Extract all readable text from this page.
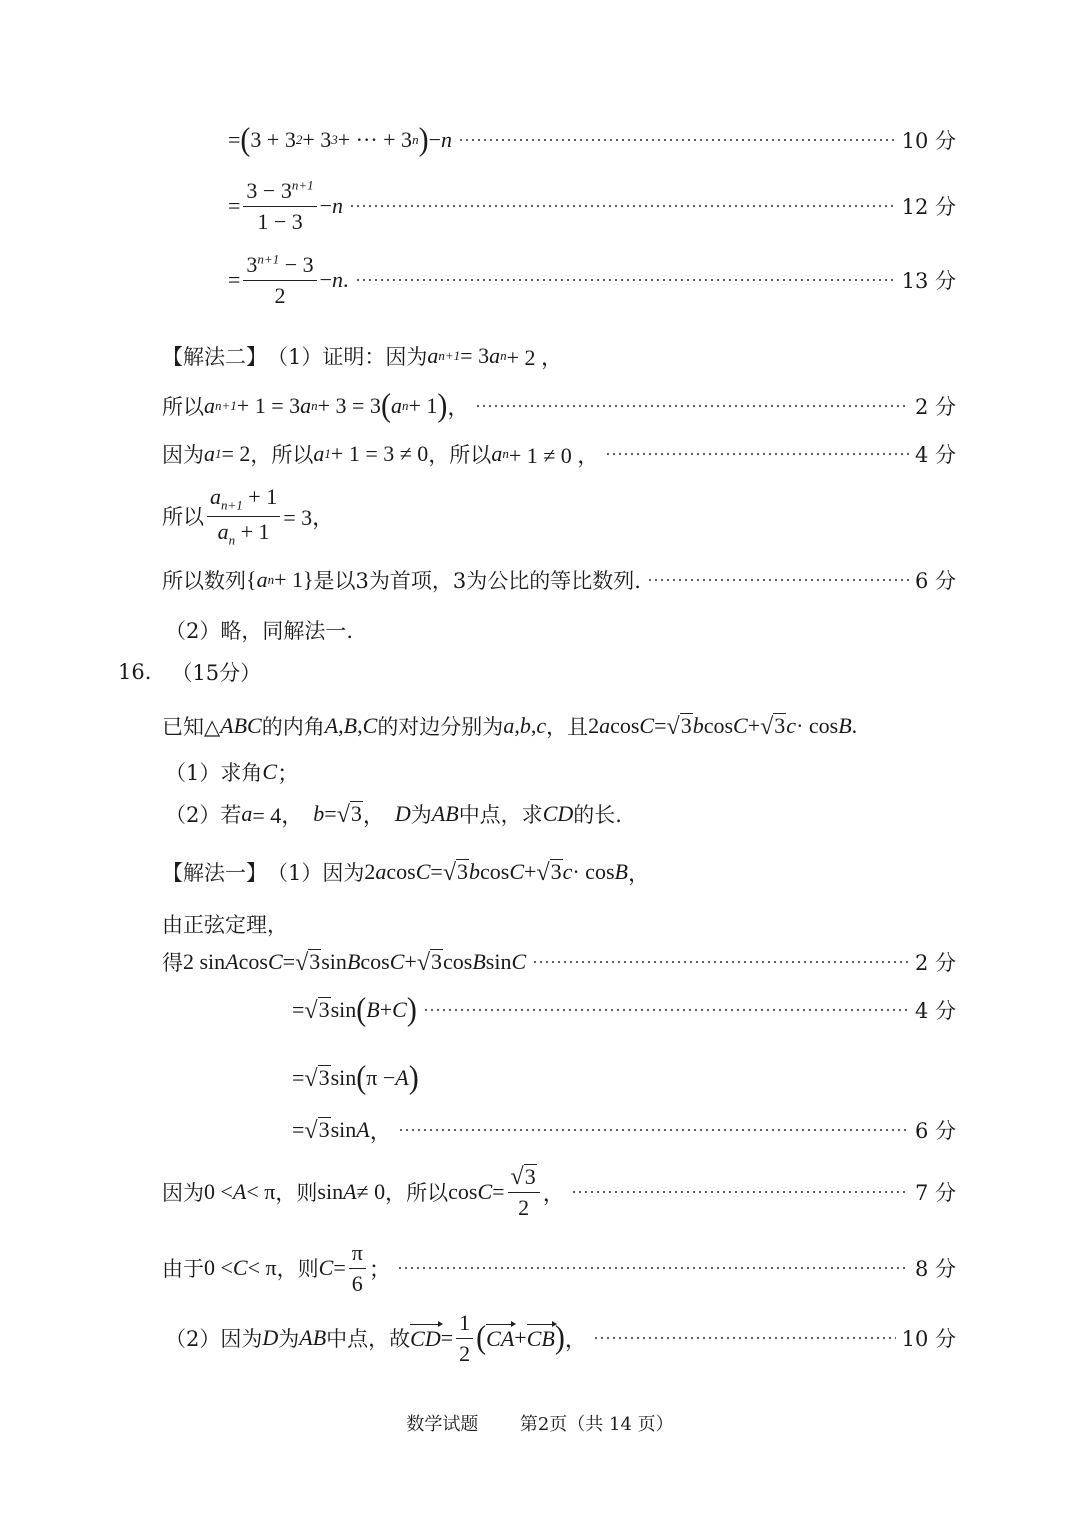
= ( 3 + 3 2 + 3 3 + ··· + 3 n ) − n	10 分
= $\frac{3 - 3^{n+1}}{1 - 3} - n$	12 分
= $\frac{3^{n+1} - 3}{2} - n$ .	13 分
【解法二】 （1）证明：因为 a n+1 = 3 a n + 2 ，
所以 a n+1 + 1 = 3 a n + 3 = 3 ( a n + 1 ) ，	2 分
因为 a 1 = 2 ，所以 a 1 + 1 = 3 ≠ 0 ，所以 a n + 1 ≠ 0 ，	4 分
所以 $\frac{a_{n+1} + 1}{a_n + 1} = 3$，
所以数列 { a n + 1} 是以3为首项，3为公比的等比数列.	6 分
（2）略，同解法一.
16. （15分）
已知△ ABC 的内角 A , B , C 的对边分别为 a , b , c ，且 2 a cos C = √ 3 b cos C + √ 3 c · cos B .
（1）求角 C ；
（2）若 a = 4， b = √ 3 ， D 为 AB 中点，求 CD 的长.
【解法一】 （1）因为 2 a cos C = √ 3 b cos C + √ 3 c · cos B ，
由正弦定理，
得 2 sin A cos C = √ 3 sin B cos C + √ 3 cos B sin C	2 分
= √ 3 sin ( B + C )	4 分
= √ 3 sin ( π − A )
= √ 3 sin A ，	6 分
因为 0 < A < π ，则 sin A ≠ 0 ，所以 $\cos C = \frac{√ 3}{2}$ ，	7 分
由于 0 < C < π ，则 $C = \frac{\pi}{6}$ ；	8 分
（2）因为 D 为 AB 中点，故 CD = $\frac{1}{2}$ ( CA + CB ) ，	10 分
数学试题 第2页（共 14 页）
